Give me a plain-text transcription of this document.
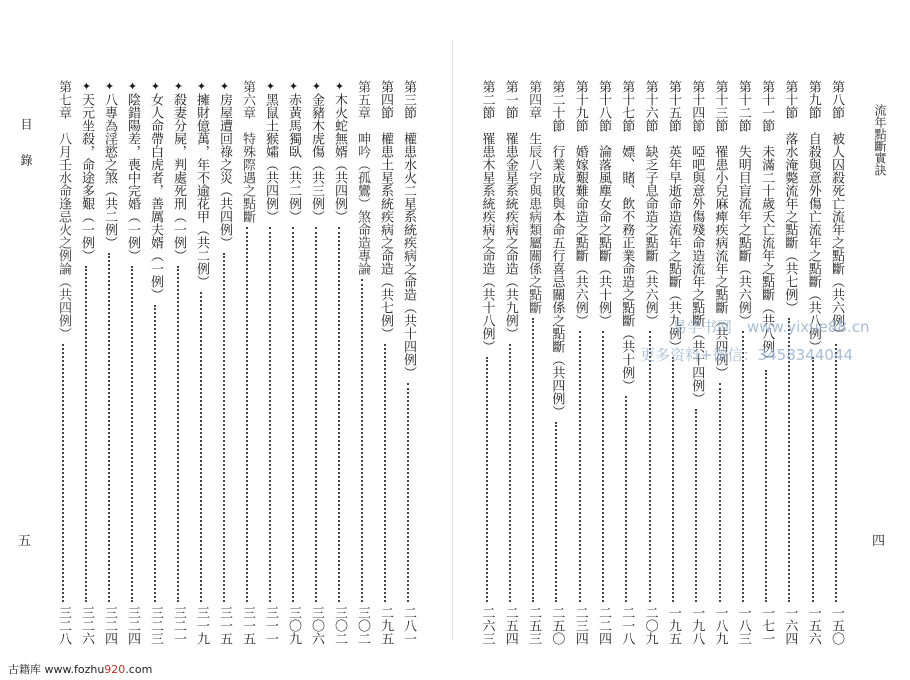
目 錄
五
流年點斷實訣
四
第三節　權患水火二星系統疾病之命造（共十四例）
二八一
第四節　權患土星系統疾病之命造（共七例）
二九五
第五章　呻吟（孤鸞）煞命造專論
三〇二
✦木火蛇無婿（共四例）
三〇二
✦金豬木虎傷（共三例）
三〇六
✦赤黃馬獨臥（共二例）
三〇九
✦黑鼠土猴孀（共四例）
三一一
第六章　特殊際遇之點斷
三一五
✦房屋遭回祿之災（共四例）
三一五
✦擁財億萬，年不逾花甲（共二例）
三一九
✦殺妻分屍，判處死刑（一例）
三二一
✦女人命帶白虎者，善厲夫婿（一例）
三二三
✦陰錯陽差，喪中完婚（一例）
三二四
✦八專為淫慾之煞（共二例）
三二四
✦天元坐殺，命途多艱（一例）
三二六
第七章　八月壬水命逢忌火之例論（共四例）
三二八
第八節　被人囚殺死亡流年之點斷（共六例）
一五〇
第九節　自殺與意外傷亡流年之點斷（共八例）
一五六
第十節　落水淹斃流年之點斷（共七例）
一六四
第十一節　未滿二十歲夭亡流年之點斷（共八例）
一七一
第十二節　失明目盲流年之點斷（共六例）
一八三
第十三節　罹患小兒麻痺疾病流年之點斷（共四例）
一八九
第十四節　啞吧與意外傷殘命造流年之點斷（共十四例）
一九八
第十五節　英年早逝命造流年之點斷（共九例）
一九五
第十六節　缺乏子息命造之點斷（共六例）
二〇九
第十七節　嫖、賭、飲不務正業命造之點斷（共十例）
二一八
第十八節　淪落風塵女命之點斷（共十例）
二二四
第十九節　婚嫁艱難命造之點斷（共六例）
二三四
第二十節　行業成敗與本命五行喜忌關係之點斷（共四例）
二五〇
第四章　生辰八字與患病類屬關係之點斷
二五三
第一節　罹患金星系統疾病之命造（共九例）
二五四
第二節　罹患木星系統疾病之命造（共十八例）
二六三
易学书网　www.yixue88.cn
更多资料+微信：3458344044
古籍库 www.fozhu920.com
